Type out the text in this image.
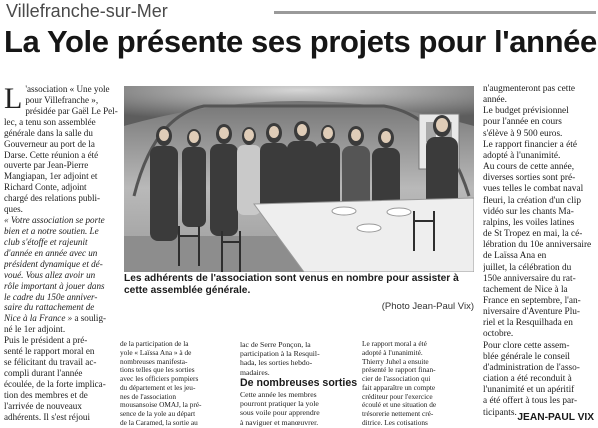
Villefranche-sur-Mer
La Yole présente ses projets pour l'année

L 'association « Une yole
pour Villefranche »,
présidée par Gaël Le Pel-
lec, a tenu son assemblée
générale dans la salle du
Gouverneur au port de la
Darse. Cette réunion a été
ouverte par Jean-Pierre
Mangiapan, 1er adjoint et
Richard Conte, adjoint
chargé des relations publi-
ques.

« Votre association se porte
bien et a notre soutien. Le
club s'étoffe et rajeunit
d'année en année avec un
président dynamique et dé-
voué. Vous allez avoir un
rôle important à jouer dans
le cadre du 150e anniver-
saire du rattachement de
Nice à la France » a soulig-
né le 1er adjoint.

Puis le président a pré-
senté le rapport moral en
se félicitant du travail ac-
compli durant l'année
écoulée, de la forte implica-
tion des membres et de
l'arrivée de nouveaux
adhérents. Il s'est réjoui

Les adhérents de l'association sont venus en nombre pour assister à cette assemblée générale.
(Photo Jean-Paul Vix)

de la participation de la
yole « Laïssa Ana » à de
nombreuses manifesta-
tions telles que les sorties
avec les officiers pompiers
du département et les jeu-
nes de l'association
mousansoise OMAJ, la pré-
sence de la yole au départ
de la Caramed, la sortie au

lac de Serre Ponçon, la
participation à la Resquil-
hada, les sorties hebdo-
madaires.

De nombreuses sorties

Cette année les membres
pourront pratiquer la yole
sous voile pour apprendre
à naviguer et manœuvrer.

Le rapport moral a été
adopté à l'unanimité.
Thierry Juhel a ensuite
présenté le rapport finan-
cier de l'association qui
fait apparaître un compte
créditeur pour l'exercice
écoulé et une situation de
trésorerie nettement cré-
ditrice. Les cotisations

n'augmenteront pas cette
année.

Le budget prévisionnel
pour l'année en cours
s'élève à 9 500 euros.
Le rapport financier a été
adopté à l'unanimité.

Au cours de cette année,
diverses sorties sont pré-
vues telles le combat naval
fleuri, la création d'un clip
vidéo sur les chants Ma-
ralpins, les voiles latines
de St Tropez en mai, la cé-
lébration du 10e anniversaire
de Laïssa Ana en
juillet, la célébration du
150e anniversaire du rat-
tachement de Nice à la
France en septembre, l'an-
niversaire d'Aventure Plu-
riel et la Resquilhada en
octobre.

Pour clore cette assem-
blée générale le conseil
d'administration de l'asso-
ciation a été reconduit à
l'unanimité et un apéritif
a été offert à tous les par-
ticipants. JEAN-PAUL VIX
